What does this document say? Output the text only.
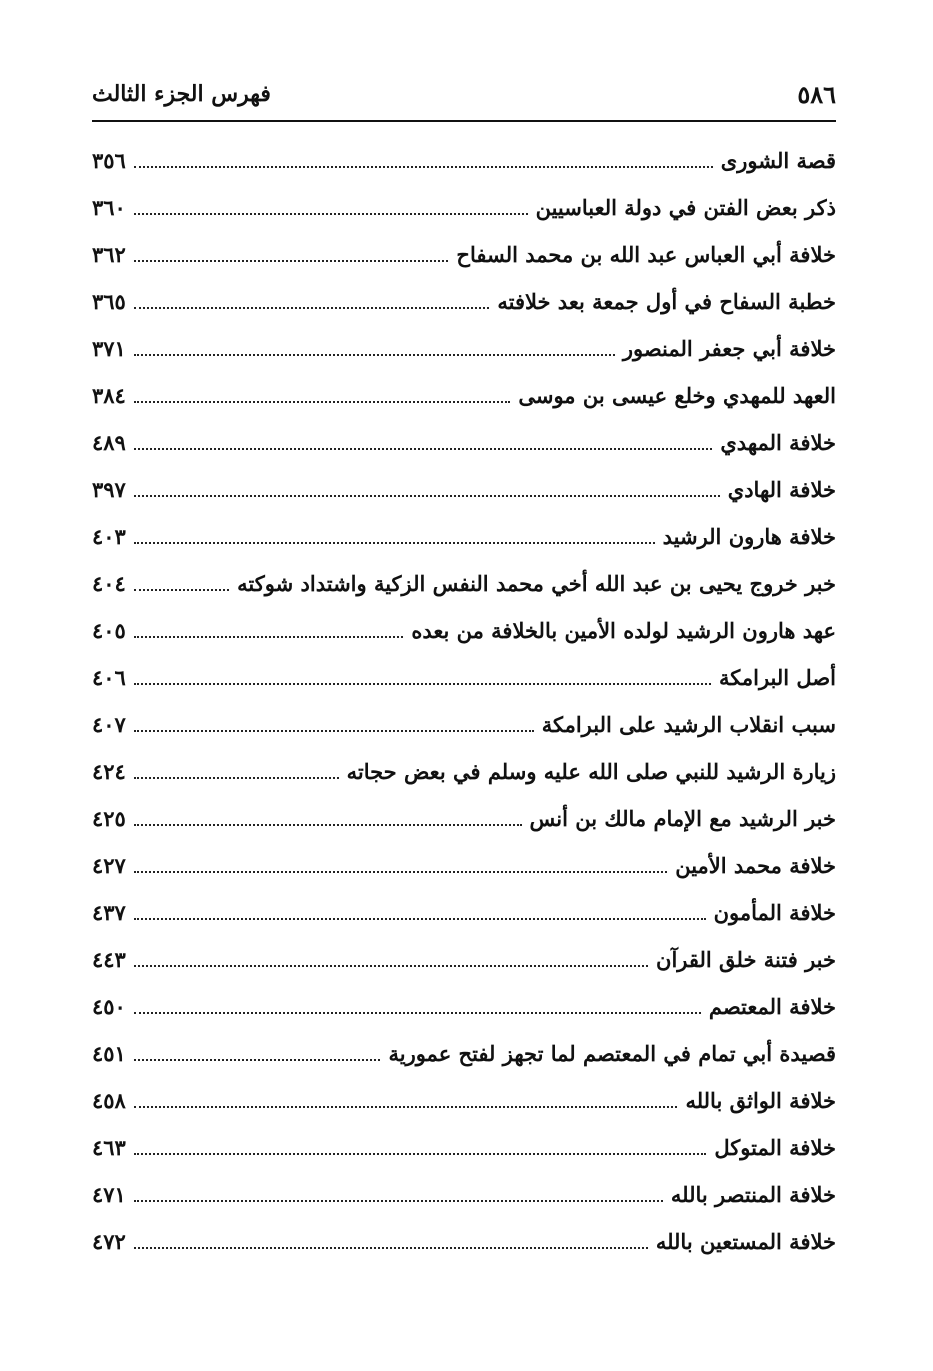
٥٨٦
فهرس الجزء الثالث
قصة الشورى
٣٥٦
ذكر بعض الفتن في دولة العباسيين
٣٦٠
خلافة أبي العباس عبد الله بن محمد السفاح
٣٦٢
خطبة السفاح في أول جمعة بعد خلافته
٣٦٥
خلافة أبي جعفر المنصور
٣٧١
العهد للمهدي وخلع عيسى بن موسى
٣٨٤
خلافة المهدي
٤٨٩
خلافة الهادي
٣٩٧
خلافة هارون الرشيد
٤٠٣
خبر خروج يحيى بن عبد الله أخي محمد النفس الزكية واشتداد شوكته
٤٠٤
عهد هارون الرشيد لولده الأمين بالخلافة من بعده
٤٠٥
أصل البرامكة
٤٠٦
سبب انقلاب الرشيد على البرامكة
٤٠٧
زيارة الرشيد للنبي صلى الله عليه وسلم في بعض حجاته
٤٢٤
خبر الرشيد مع الإمام مالك بن أنس
٤٢٥
خلافة محمد الأمين
٤٢٧
خلافة المأمون
٤٣٧
خبر فتنة خلق القرآن
٤٤٣
خلافة المعتصم
٤٥٠
قصيدة أبي تمام في المعتصم لما تجهز لفتح عمورية
٤٥١
خلافة الواثق بالله
٤٥٨
خلافة المتوكل
٤٦٣
خلافة المنتصر بالله
٤٧١
خلافة المستعين بالله
٤٧٢
